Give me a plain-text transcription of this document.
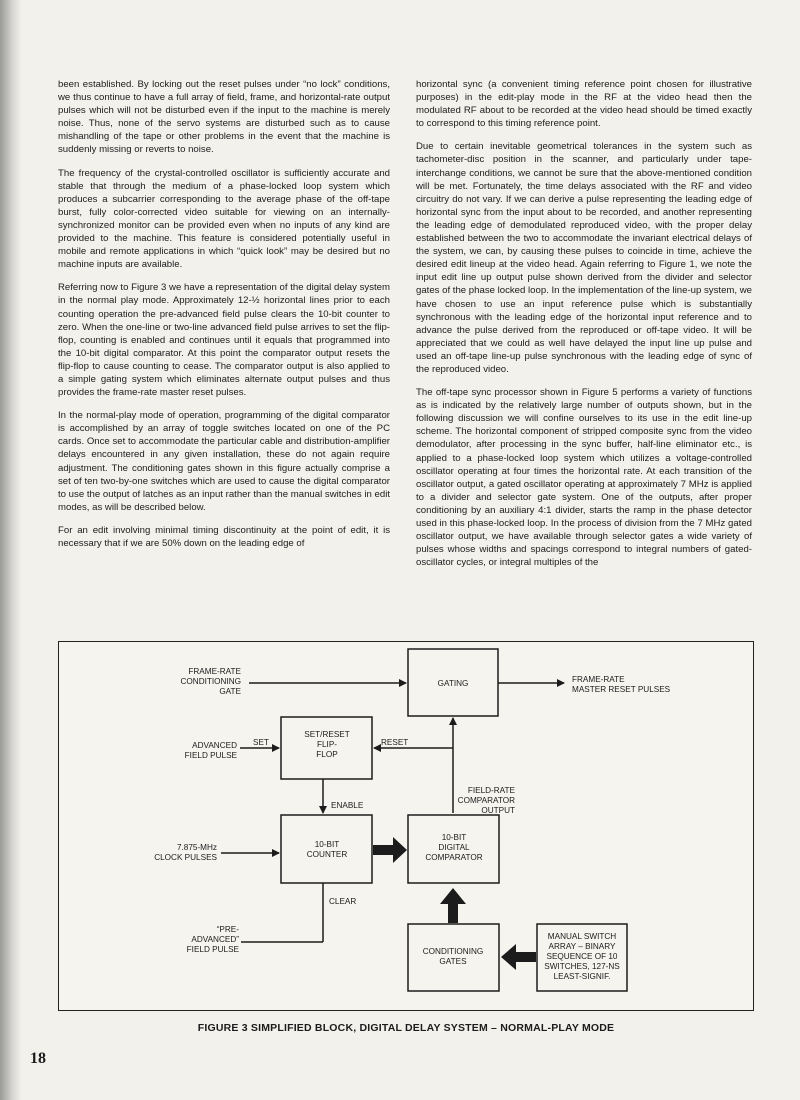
been established. By locking out the reset pulses under “no lock” conditions, we thus continue to have a full array of field, frame, and horizontal-rate output pulses which will not be disturbed even if the input to the machine is merely noise. Thus, none of the servo systems are disturbed such as to cause mishandling of the tape or other problems in the event that the machine is suddenly missing or reverts to noise.

The frequency of the crystal-controlled oscillator is sufficiently accurate and stable that through the medium of a phase-locked loop system which produces a subcarrier corresponding to the average phase of the off-tape burst, fully color-corrected video suitable for viewing on an internally-synchronized monitor can be provided even when no inputs of any kind are provided to the machine. This feature is considered potentially useful in mobile and remote applications in which “quick look” may be desired but no machine inputs are available.

Referring now to Figure 3 we have a representation of the digital delay system in the normal play mode. Approximately 12-½ horizontal lines prior to each counting operation the pre-advanced field pulse clears the 10-bit counter to zero. When the one-line or two-line advanced field pulse arrives to set the flip-flop, counting is enabled and continues until it equals that programmed into the 10-bit digital comparator. At this point the comparator output resets the flip-flop to cause counting to cease. The comparator output is also applied to a simple gating system which eliminates alternate output pulses and thus provides the frame-rate master reset pulses.

In the normal-play mode of operation, programming of the digital comparator is accomplished by an array of toggle switches located on one of the PC cards. Once set to accommodate the particular cable and distribution-amplifier delays encountered in any given installation, these do not again require adjustment. The conditioning gates shown in this figure actually comprise a set of ten two-by-one switches which are used to cause the digital comparator to use the output of latches as an input rather than the manual switches in edit modes, as will be described below.

For an edit involving minimal timing discontinuity at the point of edit, it is necessary that if we are 50% down on the leading edge of

horizontal sync (a convenient timing reference point chosen for illustrative purposes) in the edit-play mode in the RF at the video head then the modulated RF about to be recorded at the video head should be timed exactly to correspond to this timing reference point.

Due to certain inevitable geometrical tolerances in the system such as tachometer-disc position in the scanner, and particularly under tape-interchange conditions, we cannot be sure that the above-mentioned condition will be met. Fortunately, the time delays associated with the RF and video circuitry do not vary. If we can derive a pulse representing the leading edge of horizontal sync from the input about to be recorded, and another representing the leading edge of demodulated reproduced video, with the proper delay established between the two to accommodate the invariant electrical delays of the system, we can, by causing these pulses to coincide in time, achieve the desired edit lineup at the video head. Again referring to Figure 1, we note the input edit line up output pulse shown derived from the divider and selector gates of the phase locked loop. In the implementation of the line-up system, we have chosen to use an input reference pulse which is substantially synchronous with the leading edge of the horizontal input reference and to advance the pulse derived from the reproduced or off-tape video. It will be appreciated that we could as well have delayed the input line up pulse and used an off-tape line-up pulse synchronous with the leading edge of sync of the reproduced video.

The off-tape sync processor shown in Figure 5 performs a variety of functions as is indicated by the relatively large number of outputs shown, but in the following discussion we will confine ourselves to its use in the edit line-up scheme. The horizontal component of stripped composite sync from the video demodulator, after processing in the sync buffer, half-line eliminator etc., is applied to a phase-locked loop system which utilizes a voltage-controlled oscillator operating at four times the horizontal rate. At each transition of the oscillator output, a gated oscillator operating at approximately 7 MHz is applied to a divider and selector gate system. One of the outputs, after proper conditioning by an auxiliary 4:1 divider, starts the ramp in the phase detector used in this phase-locked loop. In the process of division from the 7 MHz gated oscillator output, we have available through selector gates a wide variety of pulses whose widths and spacings correspond to integral numbers of gated-oscillator cycles, or integral multiples of the

FRAME-RATE CONDITIONING GATE
GATING	FRAME-RATE MASTER RESET PULSES
ADVANCED FIELD PULSE
SET
SET/RESET FLIP-FLOP
RESET
FIELD-RATE COMPARATOR OUTPUT
ENABLE
7.875-MHz CLOCK PULSES
10-BIT COUNTER
10-BIT DIGITAL COMPARATOR
CLEAR
“PRE-ADVANCED” FIELD PULSE	CONDITIONING GATES
MANUAL SWITCH ARRAY – BINARY SEQUENCE OF 10 SWITCHES, 127-NS LEAST-SIGNIF.
FIGURE 3 SIMPLIFIED BLOCK, DIGITAL DELAY SYSTEM – NORMAL-PLAY MODE
18
